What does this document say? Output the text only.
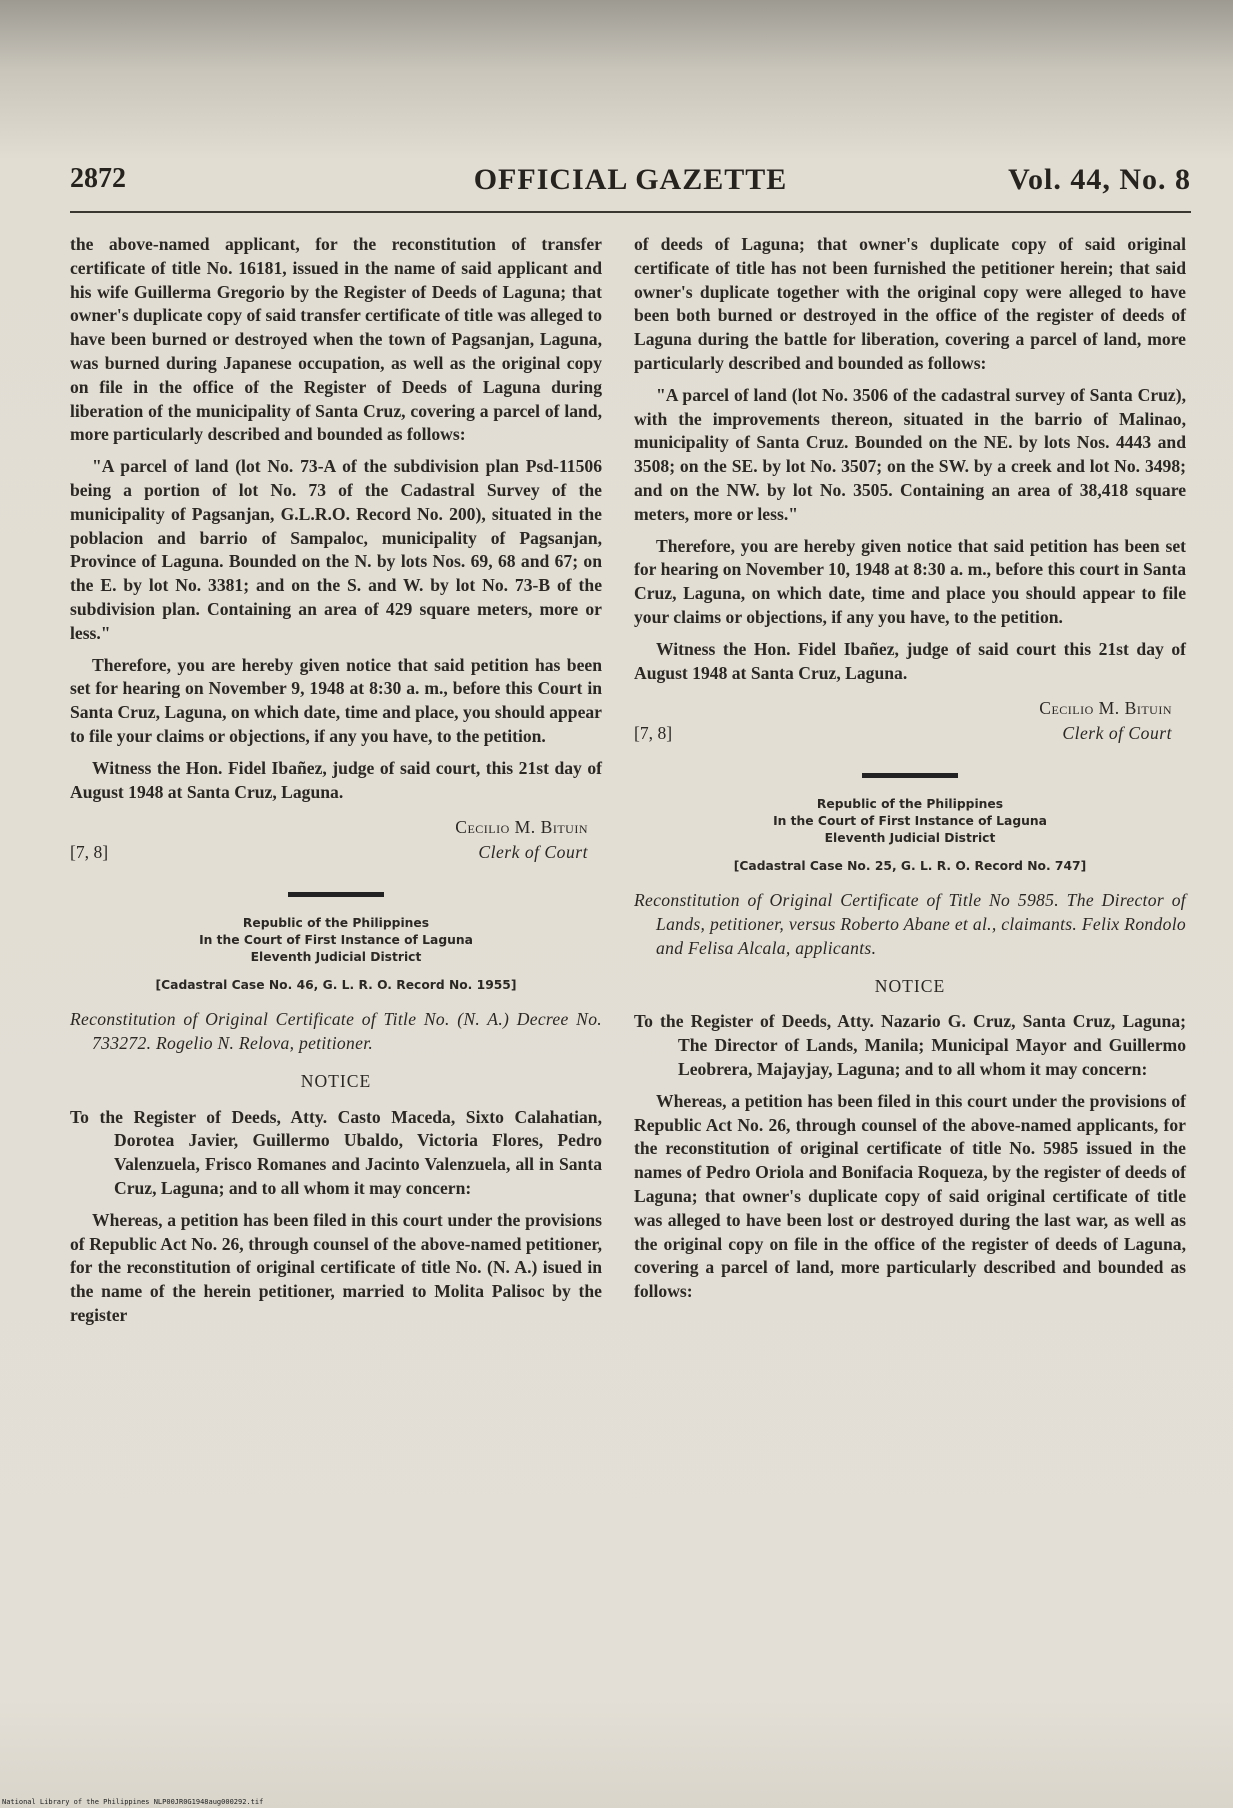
2872	OFFICIAL GAZETTE	Vol. 44, No. 8

the above-named applicant, for the reconstitution of transfer certificate of title No. 16181, issued in the name of said applicant and his wife Guillerma Gregorio by the Register of Deeds of Laguna; that owner's duplicate copy of said transfer certificate of title was alleged to have been burned or destroyed when the town of Pagsanjan, Laguna, was burned during Japanese occupation, as well as the original copy on file in the office of the Register of Deeds of Laguna during liberation of the municipality of Santa Cruz, covering a parcel of land, more particularly described and bounded as follows:

"A parcel of land (lot No. 73-A of the subdivision plan Psd-11506 being a portion of lot No. 73 of the Cadastral Survey of the municipality of Pagsanjan, G.L.R.O. Record No. 200), situated in the poblacion and barrio of Sampaloc, municipality of Pagsanjan, Province of Laguna. Bounded on the N. by lots Nos. 69, 68 and 67; on the E. by lot No. 3381; and on the S. and W. by lot No. 73-B of the subdivision plan. Containing an area of 429 square meters, more or less."

Therefore, you are hereby given notice that said petition has been set for hearing on November 9, 1948 at 8:30 a. m., before this Court in Santa Cruz, Laguna, on which date, time and place, you should appear to file your claims or objections, if any you have, to the petition.

Witness the Hon. Fidel Ibañez, judge of said court, this 21st day of August 1948 at Santa Cruz, Laguna.

Cecilio M. Bituin
[7, 8]	Clerk of Court
Republic of the Philippines
In the Court of First Instance of Laguna
Eleventh Judicial District
[Cadastral Case No. 46, G. L. R. O. Record No. 1955]

Reconstitution of Original Certificate of Title No. (N. A.) Decree No. 733272. Rogelio N. Relova, petitioner.

NOTICE

To the Register of Deeds, Atty. Casto Maceda, Sixto Calahatian, Dorotea Javier, Guillermo Ubaldo, Victoria Flores, Pedro Valenzuela, Frisco Romanes and Jacinto Valenzuela, all in Santa Cruz, Laguna; and to all whom it may concern:

Whereas, a petition has been filed in this court under the provisions of Republic Act No. 26, through counsel of the above-named petitioner, for the reconstitution of original certificate of title No. (N. A.) isued in the name of the herein petitioner, married to Molita Palisoc by the register

of deeds of Laguna; that owner's duplicate copy of said original certificate of title has not been furnished the petitioner herein; that said owner's duplicate together with the original copy were alleged to have been both burned or destroyed in the office of the register of deeds of Laguna during the battle for liberation, covering a parcel of land, more particularly described and bounded as follows:

"A parcel of land (lot No. 3506 of the cadastral survey of Santa Cruz), with the improvements thereon, situated in the barrio of Malinao, municipality of Santa Cruz. Bounded on the NE. by lots Nos. 4443 and 3508; on the SE. by lot No. 3507; on the SW. by a creek and lot No. 3498; and on the NW. by lot No. 3505. Containing an area of 38,418 square meters, more or less."

Therefore, you are hereby given notice that said petition has been set for hearing on November 10, 1948 at 8:30 a. m., before this court in Santa Cruz, Laguna, on which date, time and place you should appear to file your claims or objections, if any you have, to the petition.

Witness the Hon. Fidel Ibañez, judge of said court this 21st day of August 1948 at Santa Cruz, Laguna.

Cecilio M. Bituin
[7, 8]	Clerk of Court
Republic of the Philippines
In the Court of First Instance of Laguna
Eleventh Judicial District
[Cadastral Case No. 25, G. L. R. O. Record No. 747]

Reconstitution of Original Certificate of Title No 5985. The Director of Lands, petitioner, versus Roberto Abane et al., claimants. Felix Rondolo and Felisa Alcala, applicants.

NOTICE

To the Register of Deeds, Atty. Nazario G. Cruz, Santa Cruz, Laguna; The Director of Lands, Manila; Municipal Mayor and Guillermo Leobrera, Majayjay, Laguna; and to all whom it may concern:

Whereas, a petition has been filed in this court under the provisions of Republic Act No. 26, through counsel of the above-named applicants, for the reconstitution of original certificate of title No. 5985 issued in the names of Pedro Oriola and Bonifacia Roqueza, by the register of deeds of Laguna; that owner's duplicate copy of said original certificate of title was alleged to have been lost or destroyed during the last war, as well as the original copy on file in the office of the register of deeds of Laguna, covering a parcel of land, more particularly described and bounded as follows:

National Library of the Philippines NLP00JR0G1948aug000292.tif
